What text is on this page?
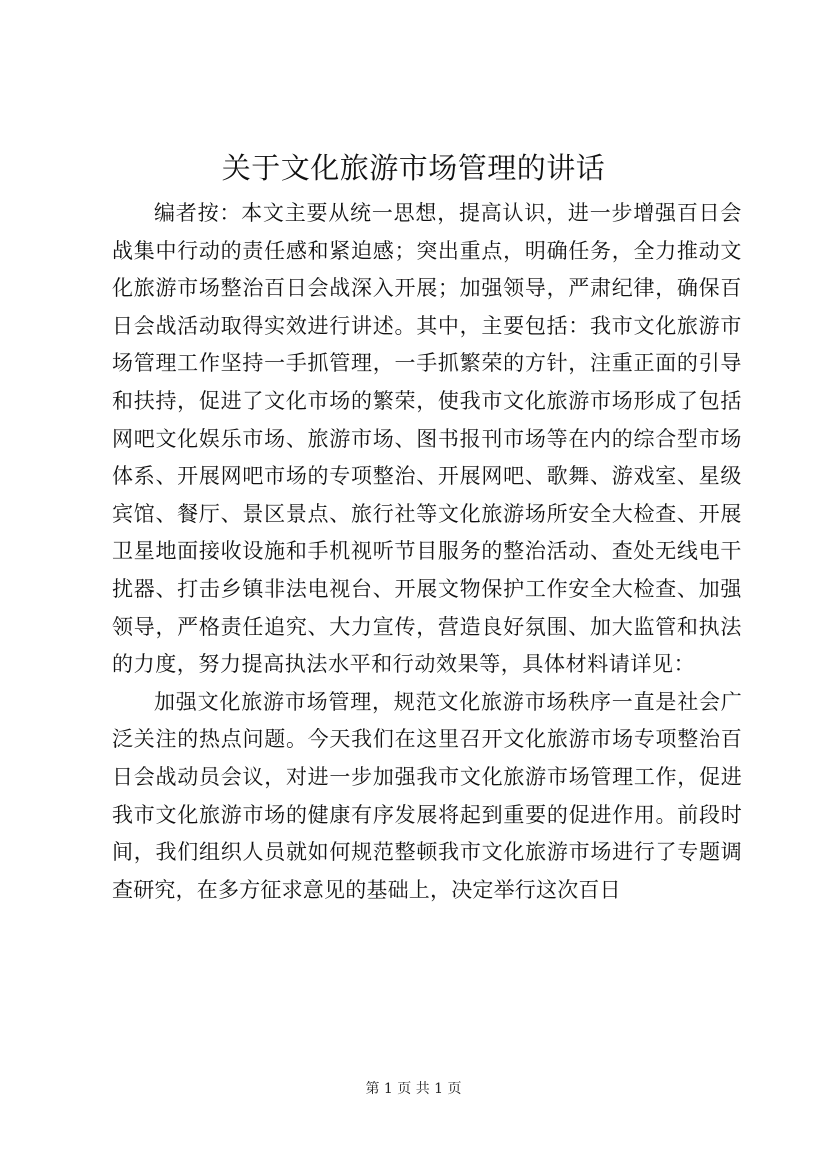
关于文化旅游市场管理的讲话

编者按：本文主要从统一思想，提高认识，进一步增强百日会战集中行动的责任感和紧迫感；突出重点，明确任务，全力推动文化旅游市场整治百日会战深入开展；加强领导，严肃纪律，确保百日会战活动取得实效进行讲述。其中，主要包括：我市文化旅游市场管理工作坚持一手抓管理，一手抓繁荣的方针，注重正面的引导和扶持，促进了文化市场的繁荣，使我市文化旅游市场形成了包括网吧文化娱乐市场、旅游市场、图书报刊市场等在内的综合型市场体系、开展网吧市场的专项整治、开展网吧、歌舞、游戏室、星级宾馆、餐厅、景区景点、旅行社等文化旅游场所安全大检查、开展卫星地面接收设施和手机视听节目服务的整治活动、查处无线电干扰器、打击乡镇非法电视台、开展文物保护工作安全大检查、加强领导，严格责任追究、大力宣传，营造良好氛围、加大监管和执法的力度，努力提高执法水平和行动效果等，具体材料请详见：

加强文化旅游市场管理，规范文化旅游市场秩序一直是社会广泛关注的热点问题。今天我们在这里召开文化旅游市场专项整治百日会战动员会议，对进一步加强我市文化旅游市场管理工作，促进我市文化旅游市场的健康有序发展将起到重要的促进作用。前段时间，我们组织人员就如何规范整顿我市文化旅游市场进行了专题调查研究，在多方征求意见的基础上，决定举行这次百日

第 1 页 共 1 页
